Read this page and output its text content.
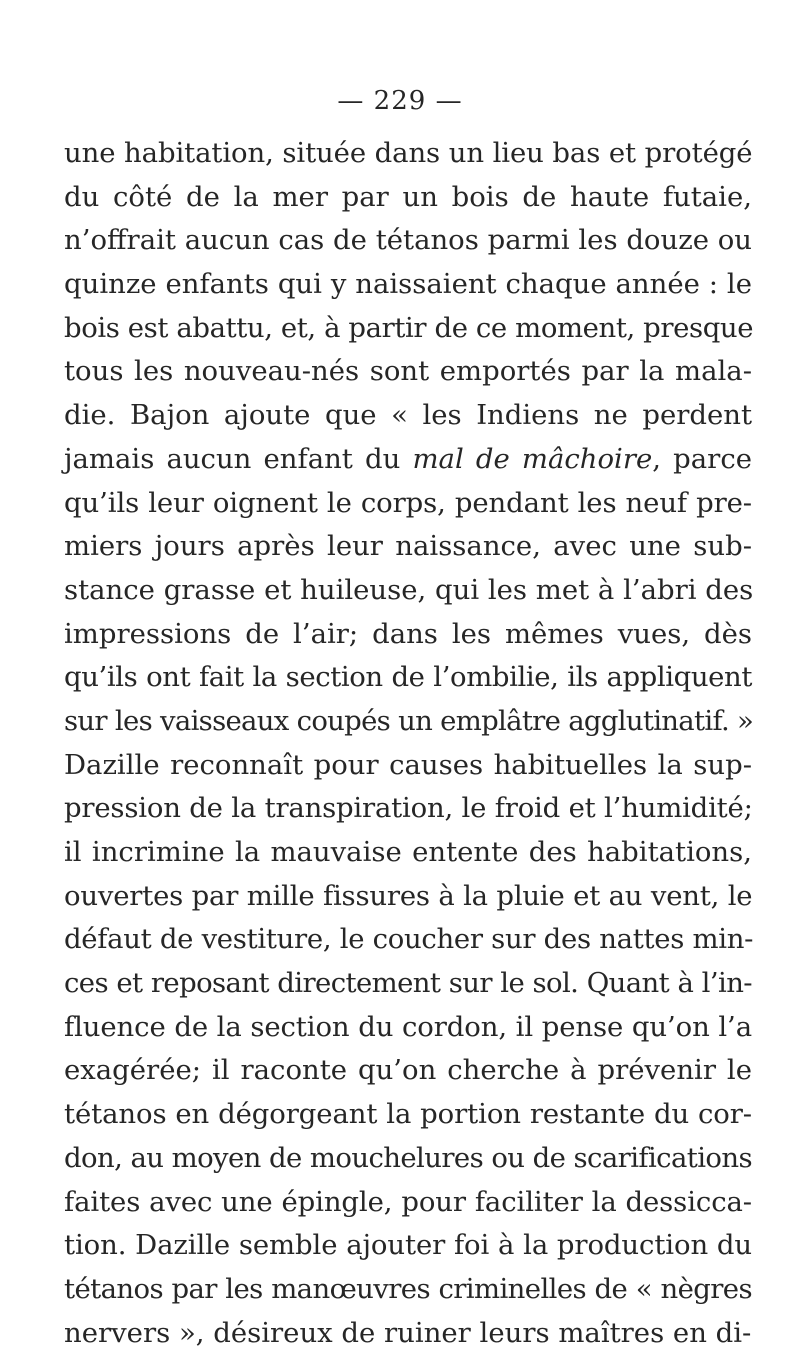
— 229 —
une habitation, située dans un lieu bas et protégé
du côté de la mer par un bois de haute futaie,
n’offrait aucun cas de tétanos parmi les douze ou
quinze enfants qui y naissaient chaque année : le
bois est abattu, et, à partir de ce moment, presque
tous les nouveau-nés sont emportés par la mala-
die. Bajon ajoute que « les Indiens ne perdent
jamais aucun enfant du mal de mâchoire, parce
qu’ils leur oignent le corps, pendant les neuf pre-
miers jours après leur naissance, avec une sub-
stance grasse et huileuse, qui les met à l’abri des
impressions de l’air; dans les mêmes vues, dès
qu’ils ont fait la section de l’ombilie, ils appliquent
sur les vaisseaux coupés un emplâtre agglutinatif. »
Dazille reconnaît pour causes habituelles la sup-
pression de la transpiration, le froid et l’humidité;
il incrimine la mauvaise entente des habitations,
ouvertes par mille fissures à la pluie et au vent, le
défaut de vestiture, le coucher sur des nattes min-
ces et reposant directement sur le sol. Quant à l’in-
fluence de la section du cordon, il pense qu’on l’a
exagérée; il raconte qu’on cherche à prévenir le
tétanos en dégorgeant la portion restante du cor-
don, au moyen de mouchelures ou de scarifications
faites avec une épingle, pour faciliter la dessicca-
tion. Dazille semble ajouter foi à la production du
tétanos par les manœuvres criminelles de « nègres
nervers », désireux de ruiner leurs maîtres en di-
